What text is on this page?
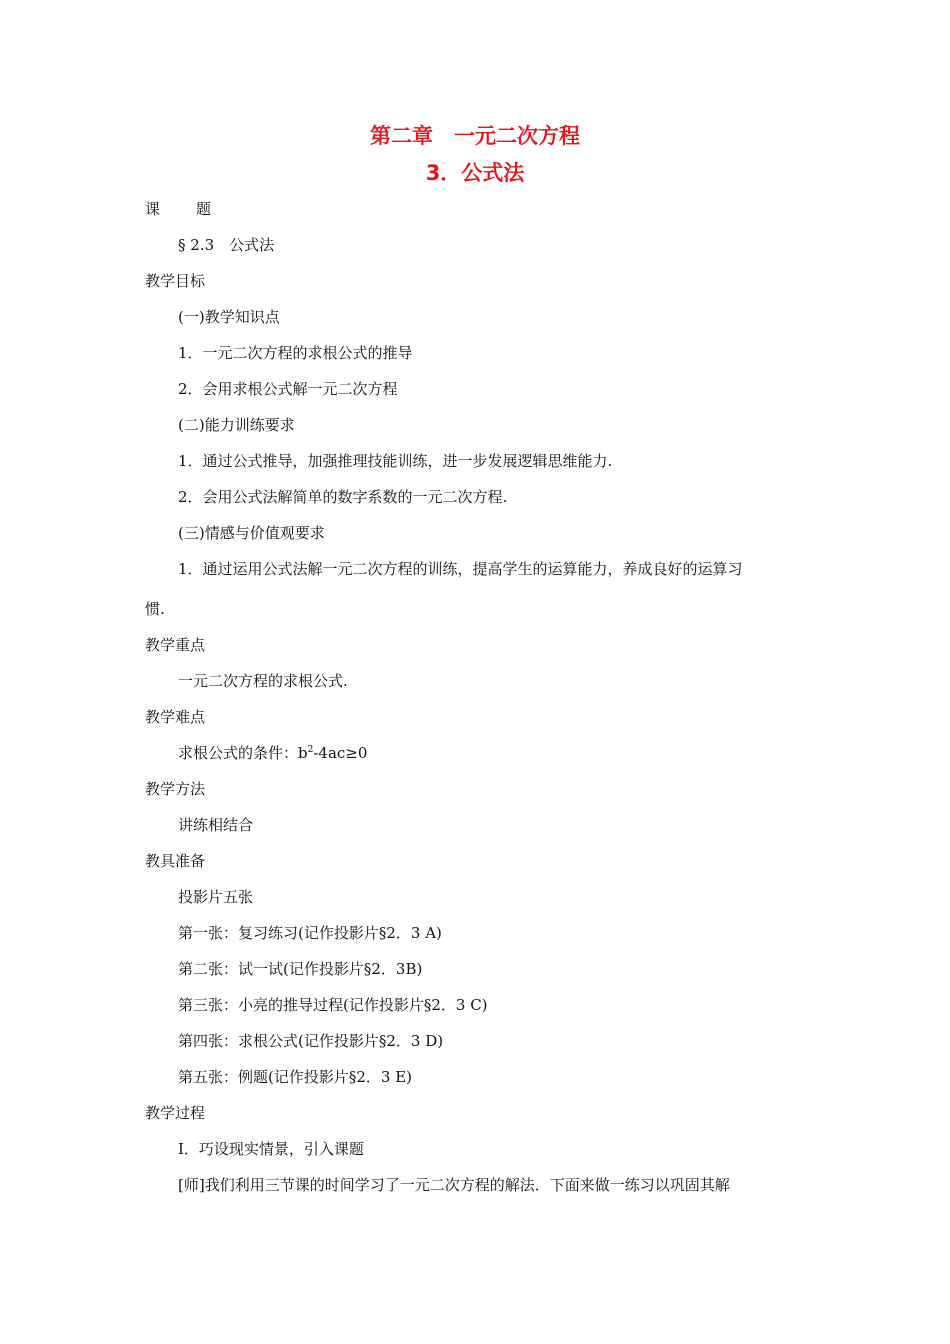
第二章　一元二次方程
3．公式法
课 题
§ 2.3　公式法
教学目标
(一)教学知识点
1．一元二次方程的求根公式的推导
2．会用求根公式解一元二次方程
(二)能力训练要求
1．通过公式推导，加强推理技能训练，进一步发展逻辑思维能力.
2．会用公式法解简单的数字系数的一元二次方程.
(三)情感与价值观要求
1．通过运用公式法解一元二次方程的训练，提高学生的运算能力，养成良好的运算习
惯.
教学重点
一元二次方程的求根公式.
教学难点
求根公式的条件：$b^2-4ac\ge 0$
教学方法
讲练相结合
教具准备
投影片五张
第一张：复习练习(记作投影片§2．3 A)
第二张：试一试(记作投影片§2．3B)
第三张：小亮的推导过程(记作投影片§2．3 C)
第四张：求根公式(记作投影片§2．3 D)
第五张：例题(记作投影片§2．3 E)
教学过程
Ⅰ．巧设现实情景，引入课题
[师]我们利用三节课的时间学习了一元二次方程的解法．下面来做一练习以巩固其解
